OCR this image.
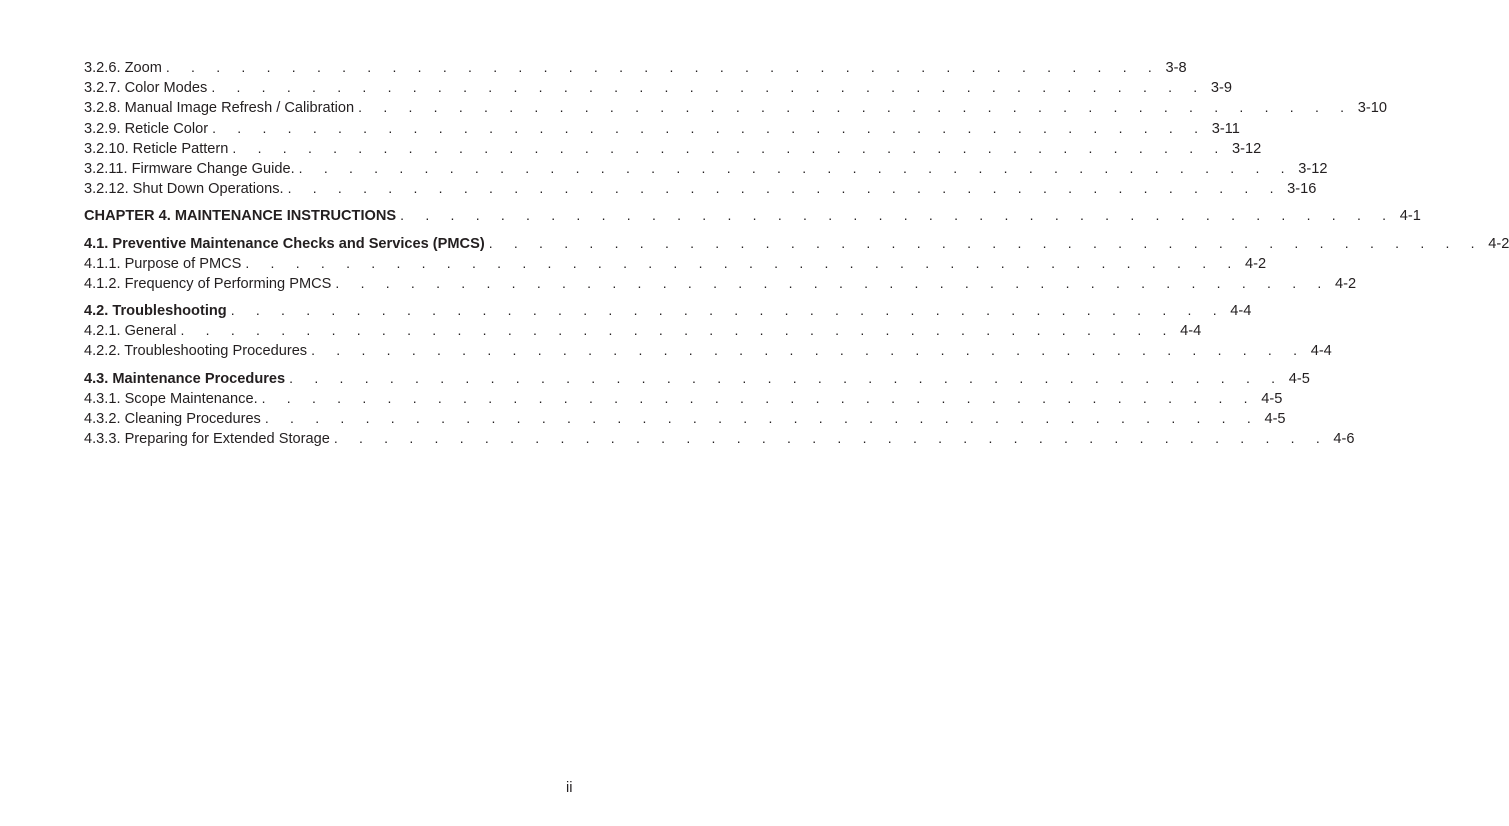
3.2.6. Zoom . . . . . . . . . . . . . . . . . . . . . . . . . . . . . . . . . . . . . . . . 3-8
3.2.7. Color Modes . . . . . . . . . . . . . . . . . . . . . . . . . . . . . . . . . . . . . . . . 3-9
3.2.8. Manual Image Refresh / Calibration . . . . . . . . . . . . . . . . . . . . . . . . . . . . . . . . . . . . . . . . 3-10
3.2.9. Reticle Color . . . . . . . . . . . . . . . . . . . . . . . . . . . . . . . . . . . . . . . . 3-11
3.2.10. Reticle Pattern . . . . . . . . . . . . . . . . . . . . . . . . . . . . . . . . . . . . . . . . 3-12
3.2.11. Firmware Change Guide. . . . . . . . . . . . . . . . . . . . . . . . . . . . . . . . . . . . . . . . . 3-12
3.2.12. Shut Down Operations. . . . . . . . . . . . . . . . . . . . . . . . . . . . . . . . . . . . . . . . . 3-16
CHAPTER 4. MAINTENANCE INSTRUCTIONS . . . . . . . . . . . . . . . . . . . . . . . . . . . . . . . . . . . . . . . . 4-1
4.1. Preventive Maintenance Checks and Services (PMCS) . . . . . . . . . . . . . . . . . . . . . . . . . . . . . . . . . . . . . . . . 4-2
4.1.1. Purpose of PMCS . . . . . . . . . . . . . . . . . . . . . . . . . . . . . . . . . . . . . . . . 4-2
4.1.2. Frequency of Performing PMCS . . . . . . . . . . . . . . . . . . . . . . . . . . . . . . . . . . . . . . . . 4-2
4.2. Troubleshooting . . . . . . . . . . . . . . . . . . . . . . . . . . . . . . . . . . . . . . . . 4-4
4.2.1. General . . . . . . . . . . . . . . . . . . . . . . . . . . . . . . . . . . . . . . . . 4-4
4.2.2. Troubleshooting Procedures . . . . . . . . . . . . . . . . . . . . . . . . . . . . . . . . . . . . . . . . 4-4
4.3. Maintenance Procedures . . . . . . . . . . . . . . . . . . . . . . . . . . . . . . . . . . . . . . . . 4-5
4.3.1. Scope Maintenance. . . . . . . . . . . . . . . . . . . . . . . . . . . . . . . . . . . . . . . . . 4-5
4.3.2. Cleaning Procedures . . . . . . . . . . . . . . . . . . . . . . . . . . . . . . . . . . . . . . . . 4-5
4.3.3. Preparing for Extended Storage . . . . . . . . . . . . . . . . . . . . . . . . . . . . . . . . . . . . . . . . 4-6
ii
